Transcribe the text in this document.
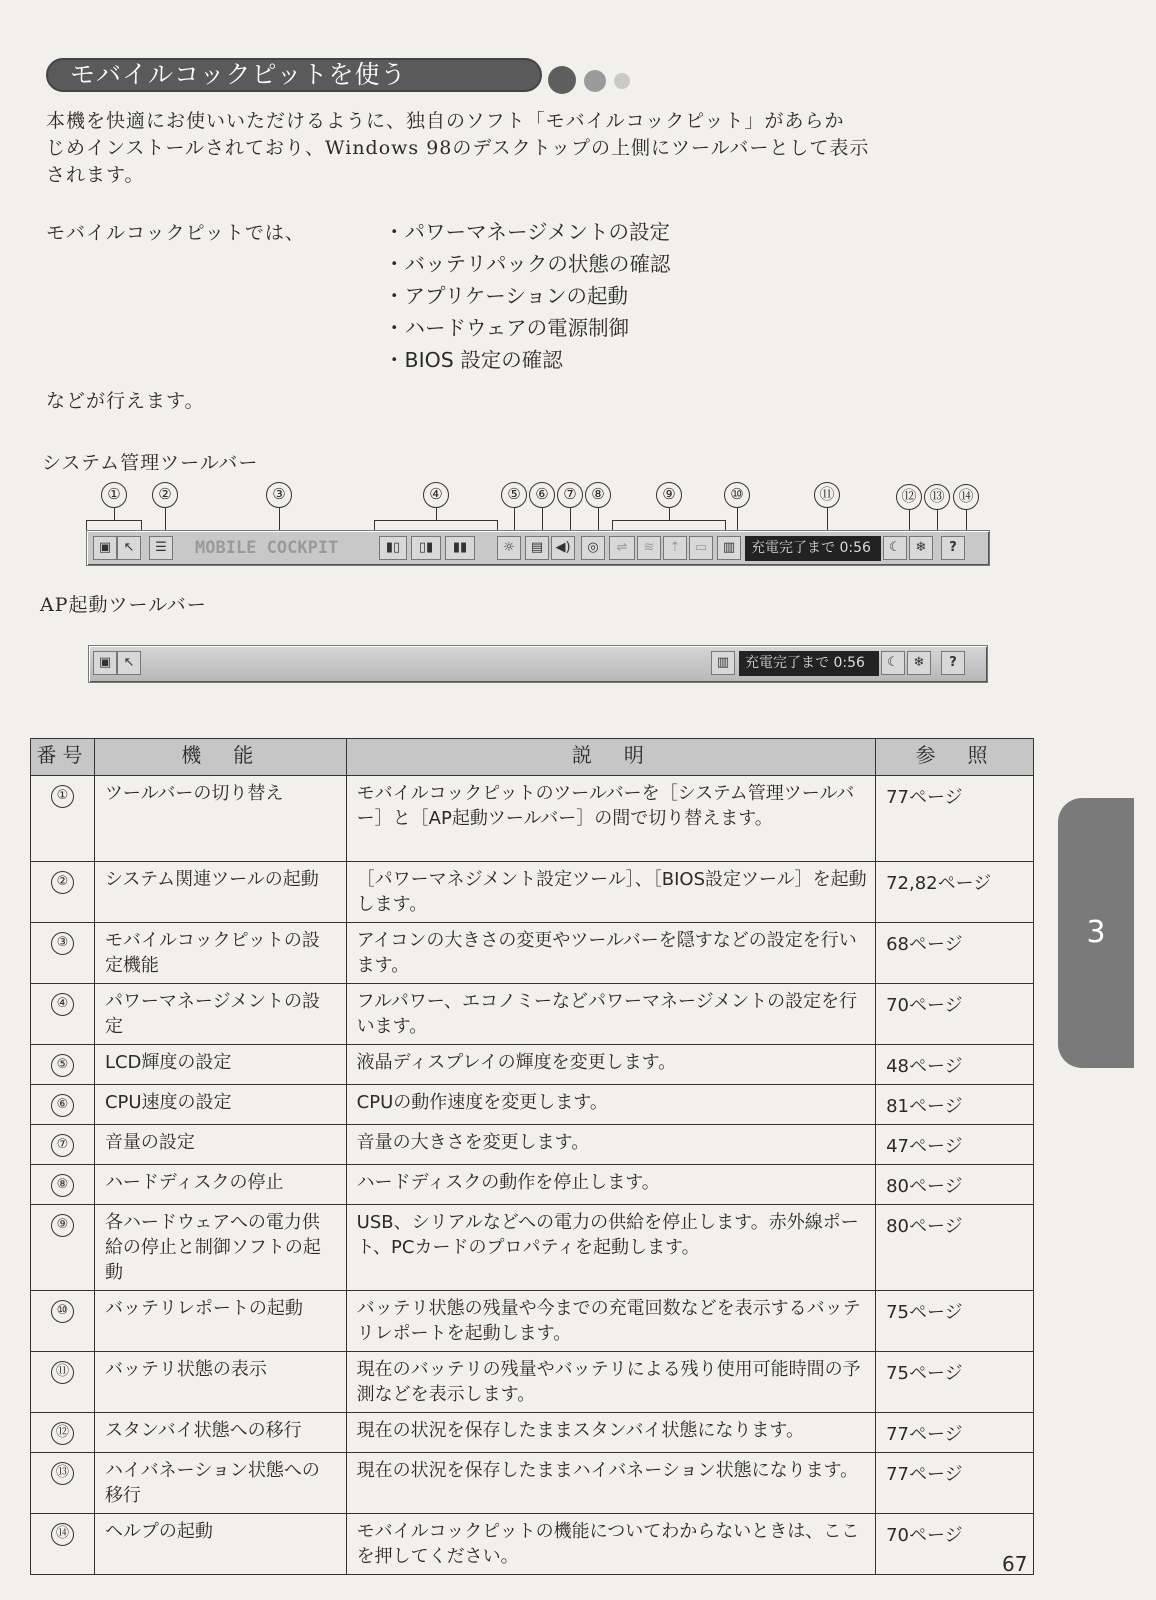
モバイルコックピットを使う

本機を快適にお使いいただけるように、独自のソフト「モバイルコックピット」があらか

じめインストールされており、Windows 98のデスクトップの上側にツールバーとして表示

されます。

モバイルコックピットでは、	・パワーマネージメントの設定
・バッテリパックの状態の確認
・アプリケーションの起動
・ハードウェアの電源制御
・BIOS 設定の確認
などが行えます。
システム管理ツールバー
①	②	③	④	⑤ ⑥ ⑦ ⑧	⑨	⑩	⑪	⑫ ⑬ ⑭
▣ ↖	☰	MOBILE COCKPIT	▮▯	▯▮	▮▮	☼	▤ ◀)	◎	⇌	≋	⇡	▭	▥	充電完了まで 0:56	☾	❄	?
AP起動ツールバー
▣ ↖	▥	充電完了まで 0:56	☾	❄	?
番号	機　能	説　明	参　照
①	ツールバーの切り替え	モバイルコックピットのツールバーを［システム管理ツールバー］と［AP起動ツールバー］の間で切り替えます。	77ページ
②	システム関連ツールの起動	［パワーマネジメント設定ツール］、［BIOS設定ツール］を起動します。	72,82ページ
③	モバイルコックピットの設定機能	アイコンの大きさの変更やツールバーを隠すなどの設定を行います。	68ページ
④	パワーマネージメントの設定	フルパワー、エコノミーなどパワーマネージメントの設定を行います。	70ページ
⑤	LCD輝度の設定	液晶ディスプレイの輝度を変更します。	48ページ
⑥	CPU速度の設定	CPUの動作速度を変更します。	81ページ
⑦	音量の設定	音量の大きさを変更します。	47ページ
⑧	ハードディスクの停止	ハードディスクの動作を停止します。	80ページ
⑨	各ハードウェアへの電力供給の停止と制御ソフトの起動	USB、シリアルなどへの電力の供給を停止します。赤外線ポート、PCカードのプロパティを起動します。	80ページ
⑩	バッテリレポートの起動	バッテリ状態の残量や今までの充電回数などを表示するバッテリレポートを起動します。	75ページ
⑪	バッテリ状態の表示	現在のバッテリの残量やバッテリによる残り使用可能時間の予測などを表示します。	75ページ
⑫	スタンバイ状態への移行	現在の状況を保存したままスタンバイ状態になります。	77ページ
⑬	ハイバネーション状態への移行	現在の状況を保存したままハイバネーション状態になります。	77ページ
⑭	ヘルプの起動	モバイルコックピットの機能についてわからないときは、ここを押してください。	70ページ
3
67
